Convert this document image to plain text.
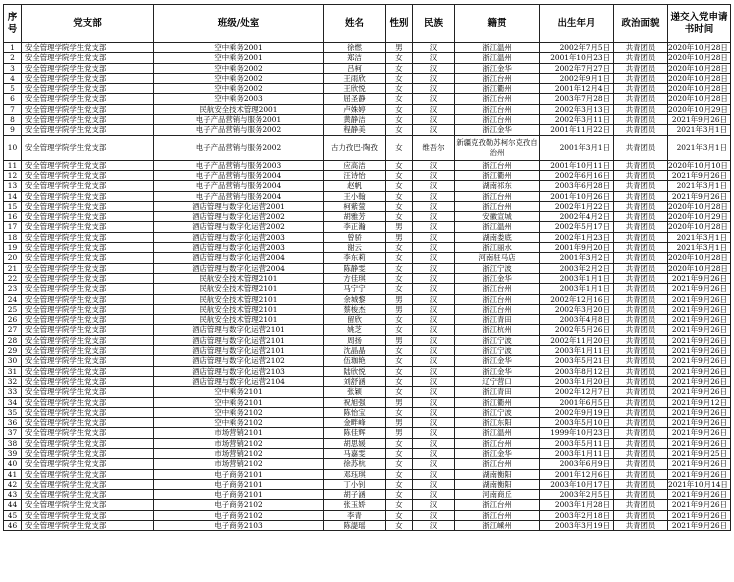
序号	党支部	班级/处室	姓名	性别	民族	籍贯	出生年月	政治面貌	递交入党申请书时间
1	安全管理学院学生党支部	空中乘务2001	徐燃	男	汉	浙江温州	2002年7月5日	共青团员	2020年10月28日
2	安全管理学院学生党支部	空中乘务2001	郑洁	女	汉	浙江温州	2001年10月23日	共青团员	2020年10月28日
3	安全管理学院学生党支部	空中乘务2002	吕柯	女	汉	浙江金华	2002年7月27日	共青团员	2020年10月28日
4	安全管理学院学生党支部	空中乘务2002	王雨欣	女	汉	浙江台州	2002年9月1日	共青团员	2020年10月28日
5	安全管理学院学生党支部	空中乘务2002	王欣悦	女	汉	浙江衢州	2001年12月4日	共青团员	2020年10月28日
6	安全管理学院学生党支部	空中乘务2003	屈圣静	女	汉	浙江台州	2003年7月28日	共青团员	2020年10月28日
7	安全管理学院学生党支部	民航安全技术管理2001	卢姝婷	女	汉	浙江台州	2002年3月13日	共青团员	2020年10月29日
8	安全管理学院学生党支部	电子产品营销与服务2001	黄静洁	女	汉	浙江台州	2002年3月11日	共青团员	2021年9月26日
9	安全管理学院学生党支部	电子产品营销与服务2002	程静美	女	汉	浙江金华	2001年11月22日	共青团员	2021年3月1日
10	安全管理学院学生党支部	电子产品营销与服务2002	古力孜巴·陶孜	女	维吾尔	新疆克孜勒苏柯尔克孜自治州	2001年3月1日	共青团员	2021年3月1日
11	安全管理学院学生党支部	电子产品营销与服务2003	应高洁	女	汉	浙江台州	2001年10月11日	共青团员	2020年10月10日
12	安全管理学院学生党支部	电子产品营销与服务2004	汪诗怡	女	汉	浙江衢州	2002年6月16日	共青团员	2021年9月26日
13	安全管理学院学生党支部	电子产品营销与服务2004	赵帆	女	汉	湖南祁东	2003年6月28日	共青团员	2021年3月1日
14	安全管理学院学生党支部	电子产品营销与服务2004	王小翰	女	汉	浙江台州	2001年10月26日	共青团员	2021年9月26日
15	安全管理学院学生党支部	酒店管理与数字化运营2001	柯紫萤	女	汉	浙江台州	2002年1月22日	共青团员	2020年10月28日
16	安全管理学院学生党支部	酒店管理与数字化运营2002	胡雅芳	女	汉	安徽宣城	2002年4月2日	共青团员	2020年10月29日
17	安全管理学院学生党支部	酒店管理与数字化运营2002	李正瀚	男	汉	浙江温州	2002年5月17日	共青团员	2020年10月28日
18	安全管理学院学生党支部	酒店管理与数字化运营2003	曾骄	男	汉	湖南娄底	2002年1月23日	共青团员	2021年3月1日
19	安全管理学院学生党支部	酒店管理与数字化运营2003	谢云	女	汉	浙江丽水	2001年9月20日	共青团员	2021年3月1日
20	安全管理学院学生党支部	酒店管理与数字化运营2004	李东莉	女	汉	河南驻马店	2001年3月2日	共青团员	2020年10月28日
21	安全管理学院学生党支部	酒店管理与数字化运营2004	陈静雯	女	汉	浙江宁波	2003年2月2日	共青团员	2020年10月28日
22	安全管理学院学生党支部	民航安全技术管理2101	方佳琪	女	汉	浙江金华	2003年1月1日	共青团员	2021年9月26日
23	安全管理学院学生党支部	民航安全技术管理2101	马宁宁	女	汉	浙江台州	2003年1月1日	共青团员	2021年9月26日
24	安全管理学院学生党支部	民航安全技术管理2101	余城黎	男	汉	浙江台州	2002年12月16日	共青团员	2021年9月26日
25	安全管理学院学生党支部	民航安全技术管理2101	蔡梭杰	男	汉	浙江台州	2002年3月20日	共青团员	2021年9月26日
26	安全管理学院学生党支部	民航安全技术管理2101	留欣	女	汉	浙江青田	2003年4月8日	共青团员	2021年9月26日
27	安全管理学院学生党支部	酒店管理与数字化运营2101	姚芝	女	汉	浙江杭州	2002年5月26日	共青团员	2021年9月26日
28	安全管理学院学生党支部	酒店管理与数字化运营2101	周扬	男	汉	浙江宁波	2002年11月20日	共青团员	2021年9月26日
29	安全管理学院学生党支部	酒店管理与数字化运营2101	沈晶晶	女	汉	浙江宁波	2003年1月11日	共青团员	2021年9月26日
30	安全管理学院学生党支部	酒店管理与数字化运营2102	伍珈艳	女	汉	浙江金华	2003年5月21日	共青团员	2021年9月26日
31	安全管理学院学生党支部	酒店管理与数字化运营2103	陆欣悦	女	汉	浙江金华	2003年8月12日	共青团员	2021年9月26日
32	安全管理学院学生党支部	酒店管理与数字化运营2104	刘舒涵	女	汉	辽宁营口	2003年1月20日	共青团员	2021年9月26日
33	安全管理学院学生党支部	空中乘务2101	张颖	女	汉	浙江青田	2002年12月7日	共青团员	2021年9月26日
34	安全管理学院学生党支部	空中乘务2101	祝旭强	男	汉	浙江衢州	2001年6月5日	共青团员	2021年9月12日
35	安全管理学院学生党支部	空中乘务2102	陈怡宝	女	汉	浙江宁波	2002年9月19日	共青团员	2021年9月26日
36	安全管理学院学生党支部	空中乘务2102	金畔峰	男	汉	浙江东阳	2003年5月10日	共青团员	2021年9月26日
37	安全管理学院学生党支部	市场营销2101	陈佳辉	男	汉	浙江温州	1999年10月23日	共青团员	2021年9月26日
38	安全管理学院学生党支部	市场营销2102	胡思媛	女	汉	浙江台州	2003年5月11日	共青团员	2021年9月26日
39	安全管理学院学生党支部	市场营销2102	马嘉雯	女	汉	浙江金华	2003年1月11日	共青团员	2021年9月25日
40	安全管理学院学生党支部	市场营销2102	徐苏杭	女	汉	浙江台州	2003年6月9日	共青团员	2021年9月26日
41	安全管理学院学生党支部	电子商务2101	邓珏琪	女	汉	湖南衡阳	2001年12月6日	共青团员	2021年9月26日
42	安全管理学院学生党支部	电子商务2101	丁小钊	女	汉	湖南衡阳	2003年10月17日	共青团员	2021年10月14日
43	安全管理学院学生党支部	电子商务2101	胡子涵	女	汉	河南商丘	2003年2月5日	共青团员	2021年9月26日
44	安全管理学院学生党支部	电子商务2102	张玉娇	女	汉	浙江台州	2003年1月28日	共青团员	2021年9月26日
45	安全管理学院学生党支部	电子商务2102	李青	女	汉	浙江台州	2003年2月18日	共青团员	2021年9月26日
46	安全管理学院学生党支部	电子商务2103	陈諟瑶	女	汉	浙江嵊州	2003年3月19日	共青团员	2021年9月26日
